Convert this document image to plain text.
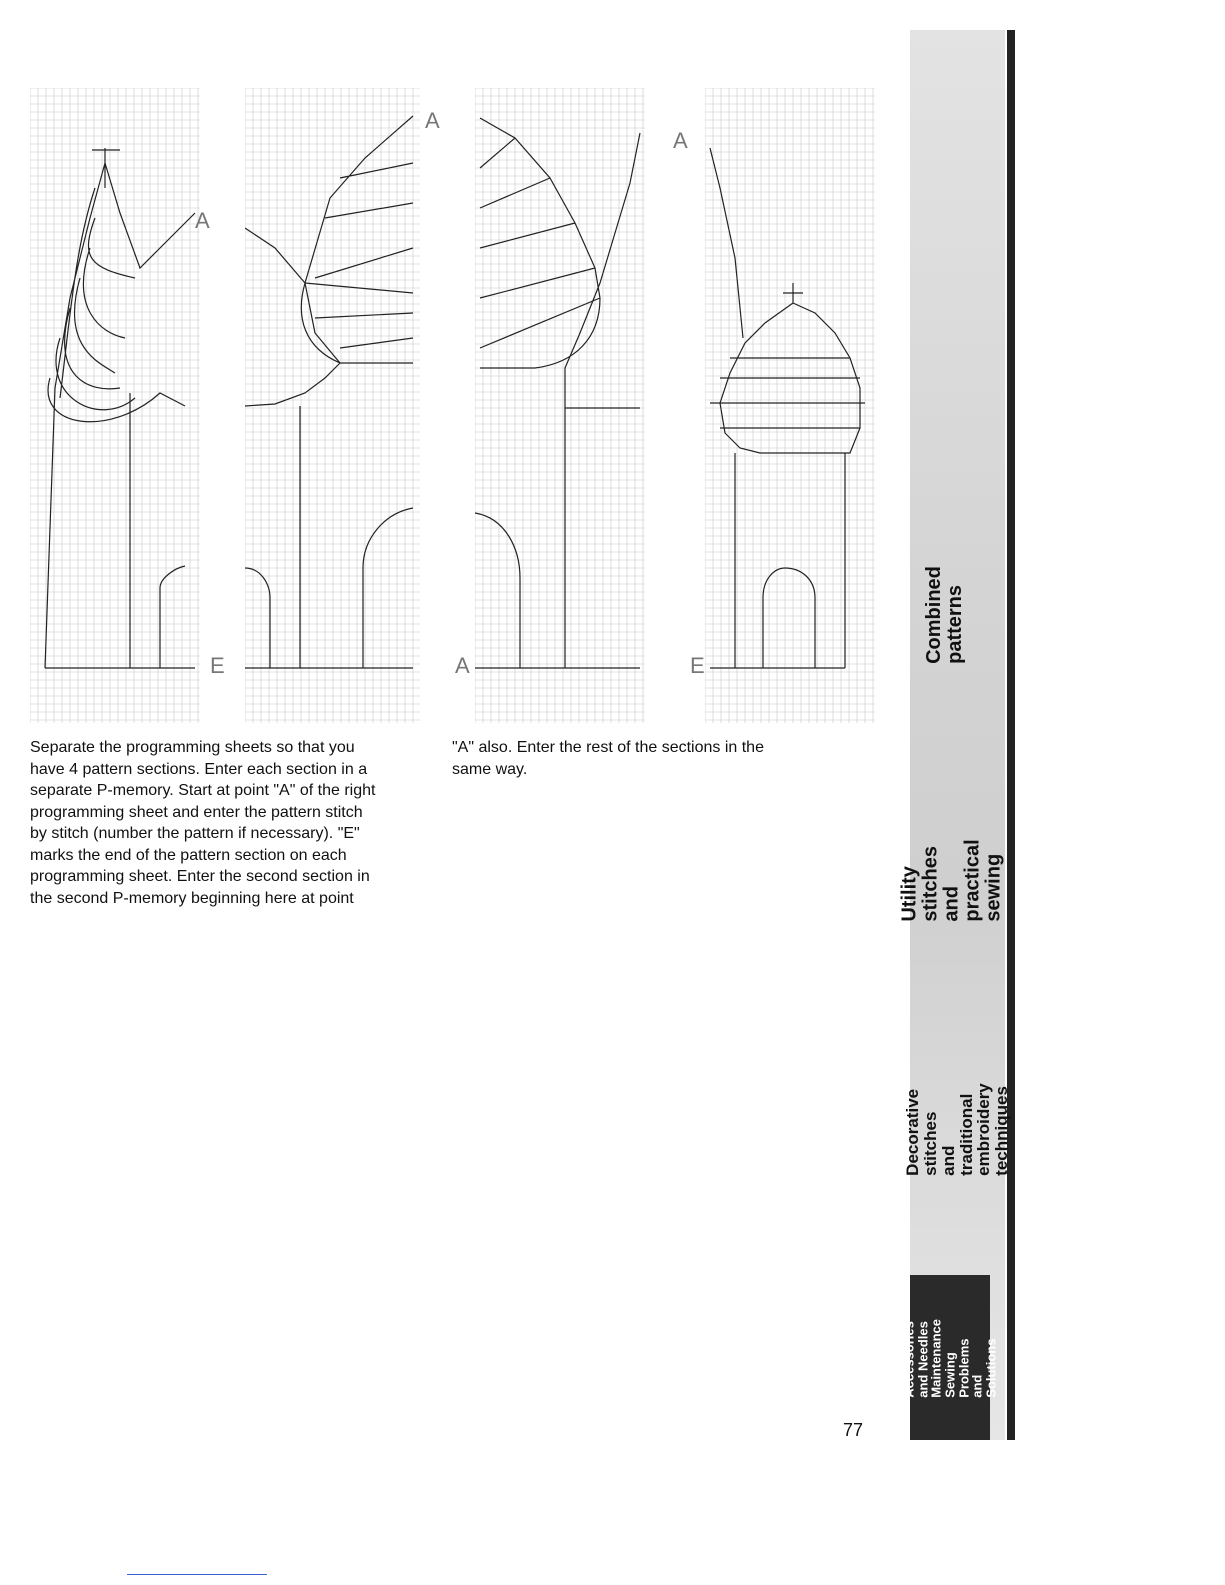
A
E
A
A
A
E
Separate the programming sheets so that you
have 4 pattern sections. Enter each section in a
separate P-memory. Start at point "A" of the right
programming sheet and enter the pattern stitch
by stitch (number the pattern if necessary). "E"
marks the end of the pattern section on each
programming sheet. Enter the second section in
the second P-memory beginning here at point
"A" also. Enter the rest of the sections in the
same way.
Combined patterns
Utility stitches and
practical sewing
Decorative stitches
and traditional
embroidery techniques
Accessories and Needles
Maintenance Sewing
Problems and Solutions
77
